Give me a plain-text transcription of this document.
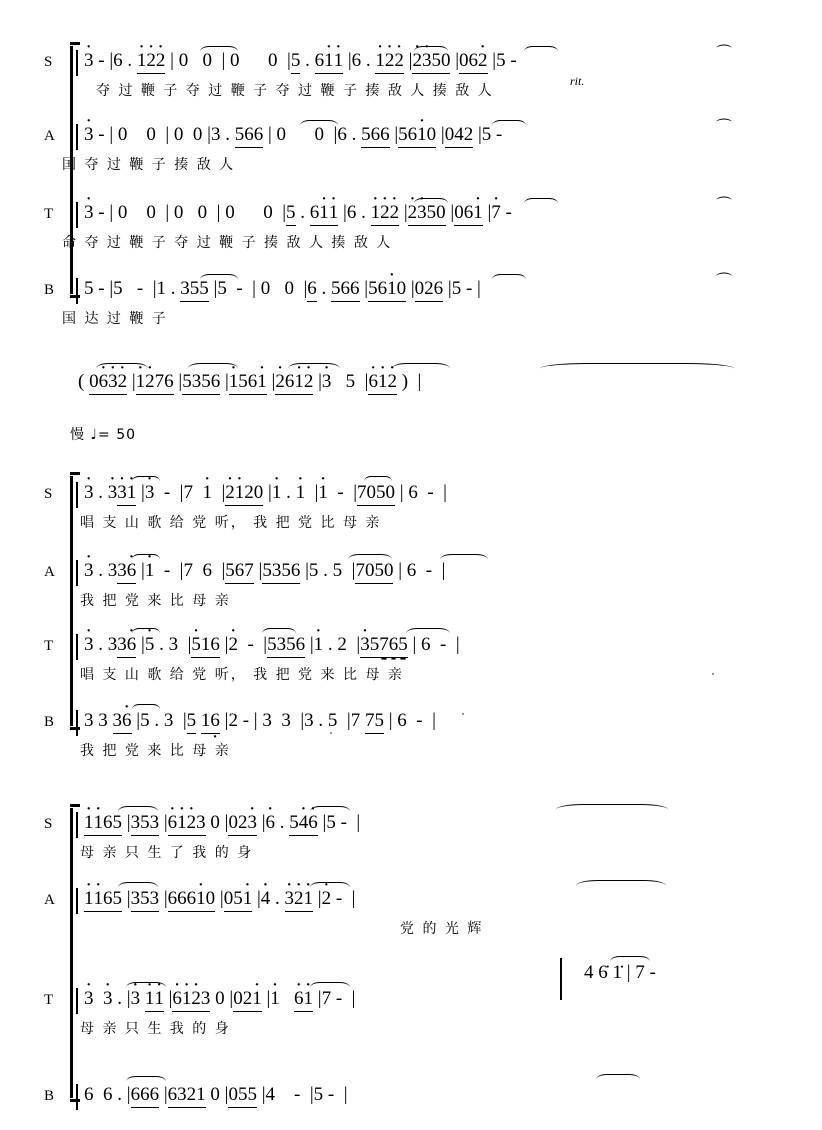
rit.
S · 3 - |6 . · 1· 2· 2 | 0   0  | 0      0  |5 . 6· 1· 1 |6 . · 1· 2· 2 |· 2· 350 |06· 2 |5 -
夺 过 鞭 子 夺 过 鞭 子 夺 过 鞭 子 揍 敌 人 揍 敌 人
⌒
A · 3 - | 0    0  | 0  0 |3 . 566 | 0      0  |6 . 566 |56· 10 |042 |5 -
国 夺 过 鞭 子 揍 敌 人
⌒
T · 3 - | 0    0  | 0   0  | 0      0  |5 . 6· 1· 1 |6 . · 1· 2· 2 |· 2· 350 |06· 1 |· 7 -
命 夺 过 鞭 子 夺 过 鞭 子 揍 敌 人 揍 敌 人
⌒
B 5 - |5   -  |1 . 355 |5  -  | 0   0  |6 . 566 |56· 10 |026 |5 - |
国 达 过 鞭 子
⌒
( 0· 6· 3· 2 |· 1· 276 |5356 |· 156· 1 |· 26· 1· 2 |· 3   5  |· 6· 1· 2 )  |
慢 ♩= 50
S · 3 . · 3· 3· 1 |· 3  -  |7 · 1  |· 2· 120 |· 1 . · 1  |· 1  -  |7050 | 6  -  |
唱 支 山 歌 给 党 听， 我 把 党 比 母 亲
A · 3 . 33· 6 |· 1  -  |7  6  |567 |5356 |5 . 5  |7050 | 6  -  |
我 把 党 来 比 母 亲
T · 3 . 33· 6 |· 5 . 3  |· 516 |· 2  -  |5356 |· 1 . 2  |· 35765 | 6  -  |
唱 支 山 歌 给 党 听， 我 把 党 来 比 母 亲
B 3 3 3· 6 |5 . 3  |5 16 · |2 - | 3  3  |3 . 5  |7 75 | 6  -  |
我 把 党 来 比 母 亲
S · 1· 165 |353 |· 6· 1· 23 0 |02· 3 |· 6 . 5· 4· 6 |5 -  |
母 亲 只 生 了 我 的 身
A · 1· 165 |353 |666· 10 |05· 1 |· 4 . · 3· 2· 1 |· 2 -  |
党 的 光 辉
T · 3 · 3 . |· 3 · 1· 1 |· 6· 1· 23 0 |02· 1 |· 1 · 6· 1 |7 -  |
4 6̇ 1̇ | 7 -
母 亲 只 生 我 的 身
B 6 6 . |666 |6321 0 |055 |4    -  |5 -  |
